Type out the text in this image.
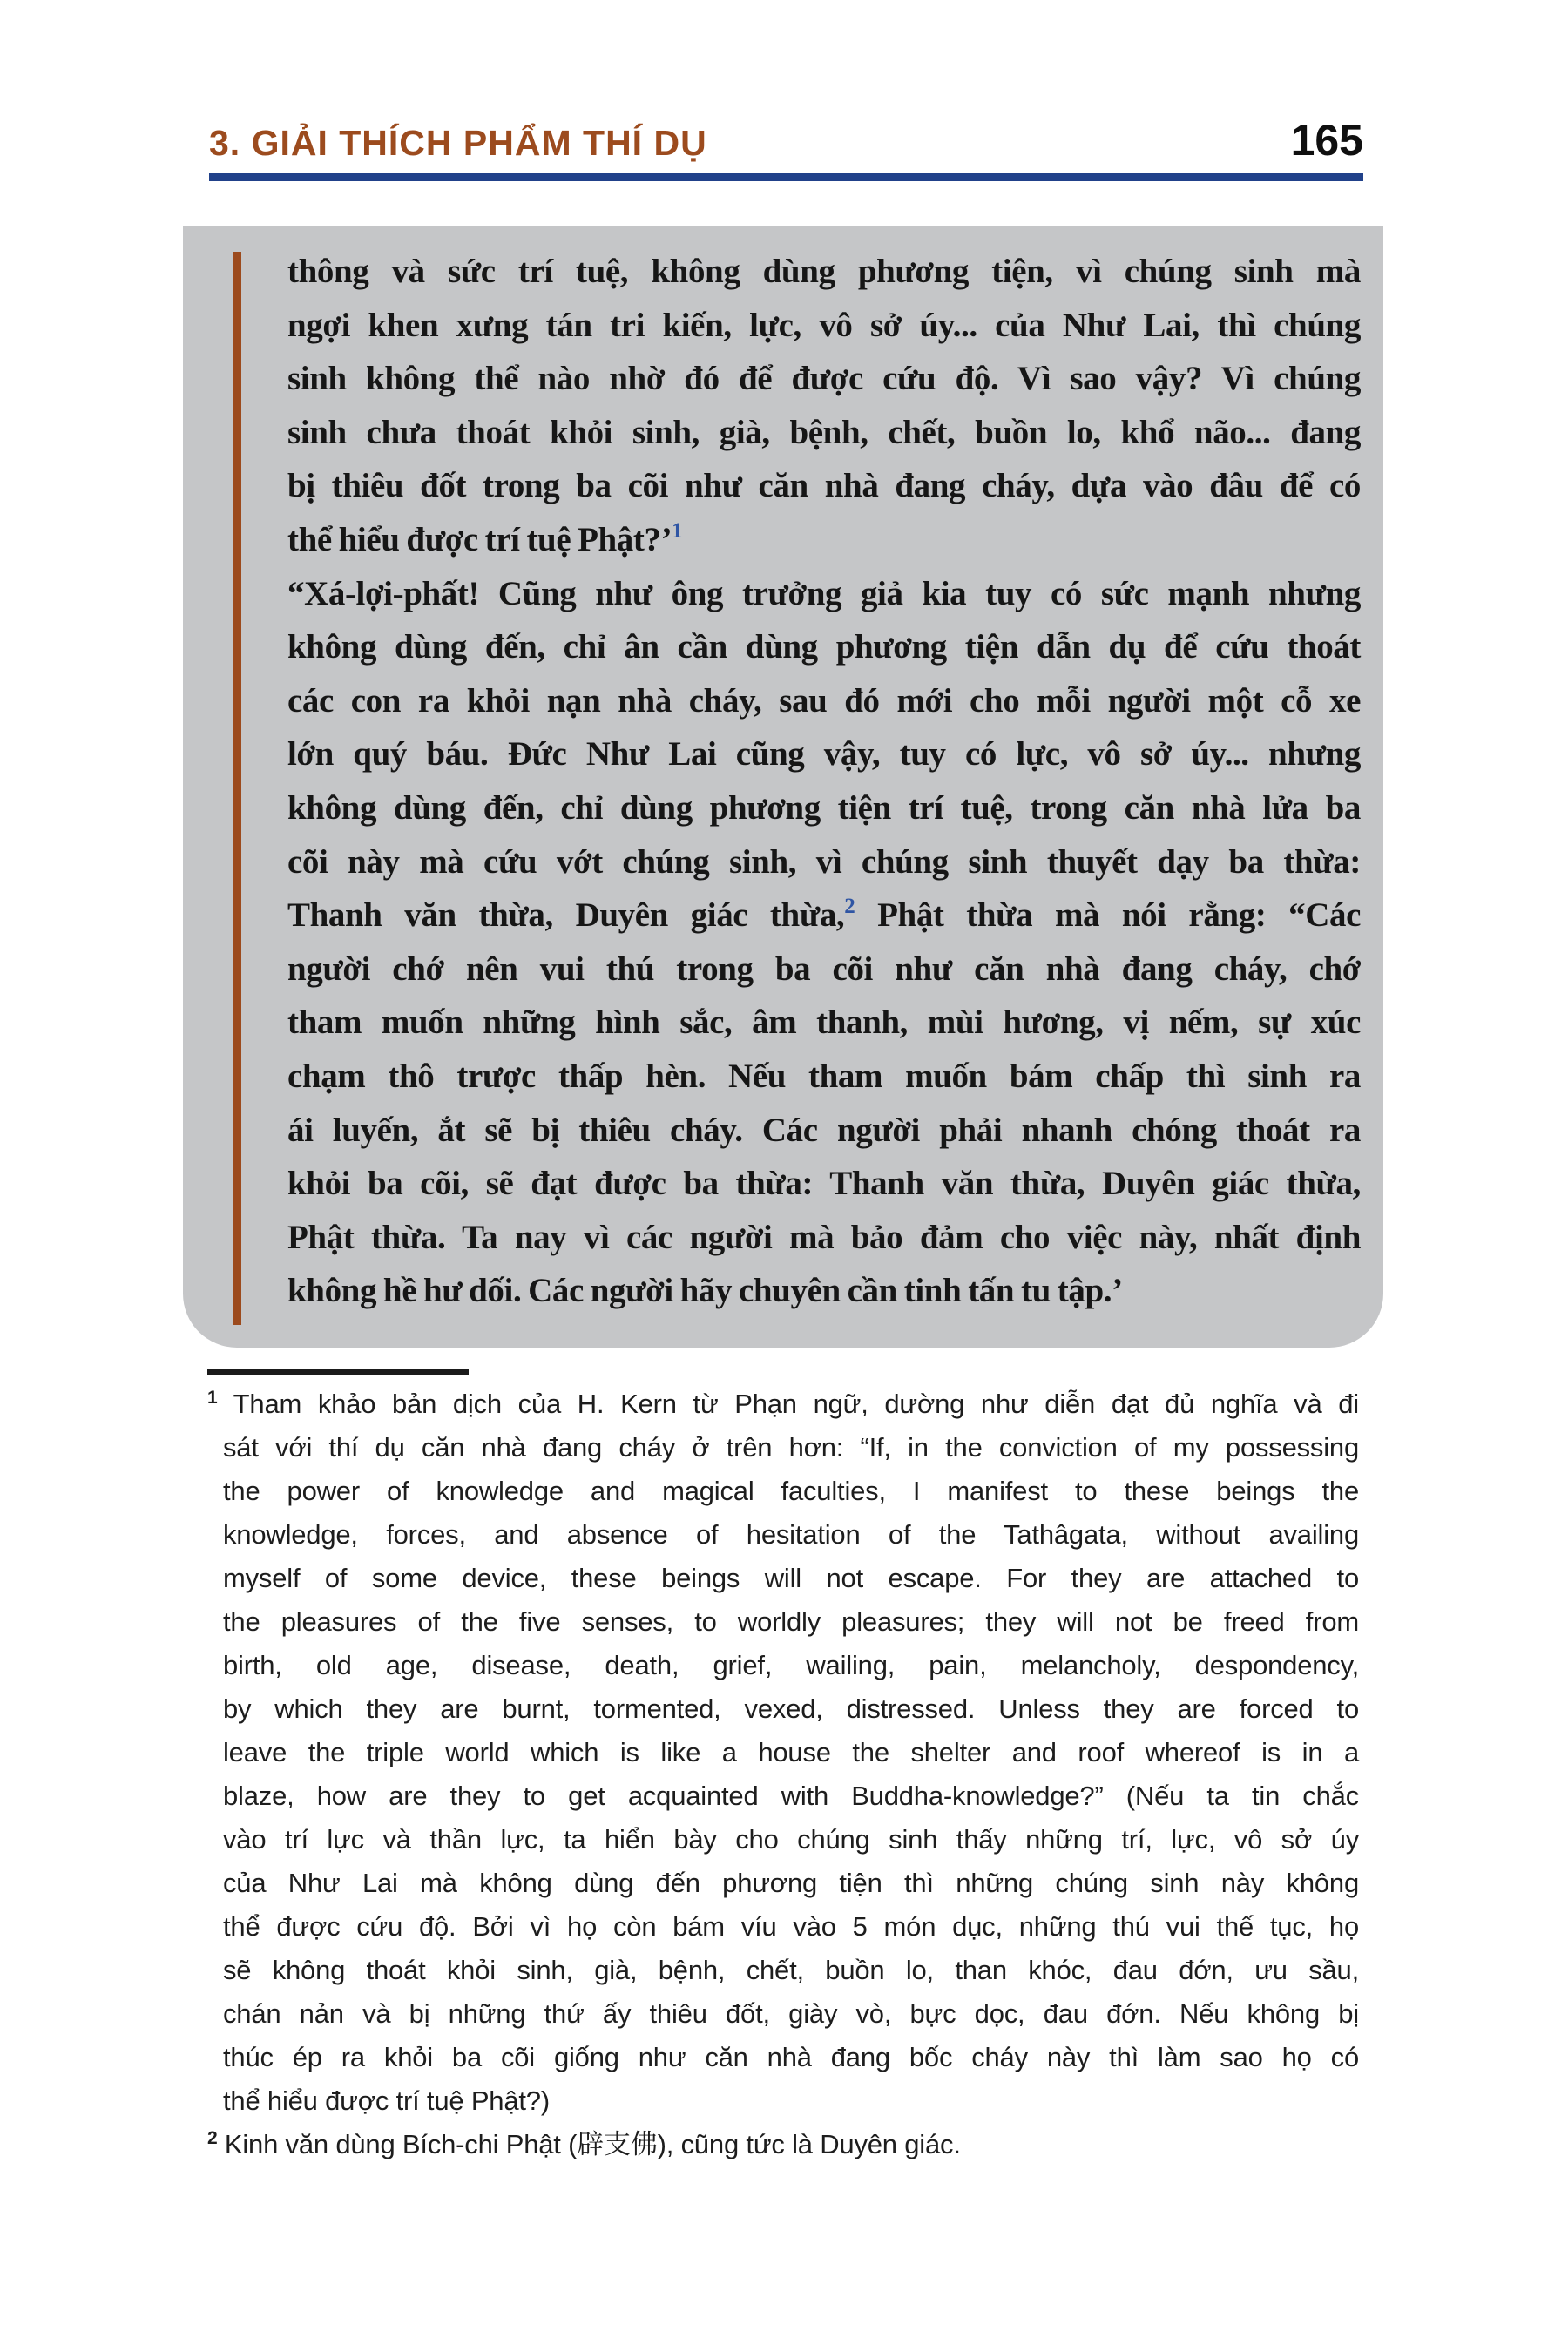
3. GIẢI THÍCH PHẨM THÍ DỤ	165
thông và sức trí tuệ, không dùng phương tiện, vì chúng sinh mà
ngợi khen xưng tán tri kiến, lực, vô sở úy... của Như Lai, thì chúng
sinh không thể nào nhờ đó để được cứu độ. Vì sao vậy? Vì chúng
sinh chưa thoát khỏi sinh, già, bệnh, chết, buồn lo, khổ não... đang
bị thiêu đốt trong ba cõi như căn nhà đang cháy, dựa vào đâu để có
thể hiểu được trí tuệ Phật?’$^1$
“Xá-lợi-phất! Cũng như ông trưởng giả kia tuy có sức mạnh nhưng
không dùng đến, chỉ ân cần dùng phương tiện dẫn dụ để cứu thoát
các con ra khỏi nạn nhà cháy, sau đó mới cho mỗi người một cỗ xe
lớn quý báu. Đức Như Lai cũng vậy, tuy có lực, vô sở úy... nhưng
không dùng đến, chỉ dùng phương tiện trí tuệ, trong căn nhà lửa ba
cõi này mà cứu vớt chúng sinh, vì chúng sinh thuyết dạy ba thừa:
Thanh văn thừa, Duyên giác thừa,$^2$ Phật thừa mà nói rằng: “Các
người chớ nên vui thú trong ba cõi như căn nhà đang cháy, chớ
tham muốn những hình sắc, âm thanh, mùi hương, vị nếm, sự xúc
chạm thô trược thấp hèn. Nếu tham muốn bám chấp thì sinh ra
ái luyến, ắt sẽ bị thiêu cháy. Các người phải nhanh chóng thoát ra
khỏi ba cõi, sẽ đạt được ba thừa: Thanh văn thừa, Duyên giác thừa,
Phật thừa. Ta nay vì các người mà bảo đảm cho việc này, nhất định
không hề hư dối. Các người hãy chuyên cần tinh tấn tu tập.’
$^1$ Tham khảo bản dịch của H. Kern từ Phạn ngữ, dường như diễn đạt đủ nghĩa và đi
sát với thí dụ căn nhà đang cháy ở trên hơn: “If, in the conviction of my possessing
the power of knowledge and magical faculties, I manifest to these beings the
knowledge, forces, and absence of hesitation of the Tathâgata, without availing
myself of some device, these beings will not escape. For they are attached to
the pleasures of the five senses, to worldly pleasures; they will not be freed from
birth, old age, disease, death, grief, wailing, pain, melancholy, despondency,
by which they are burnt, tormented, vexed, distressed. Unless they are forced to
leave the triple world which is like a house the shelter and roof whereof is in a
blaze, how are they to get acquainted with Buddha-knowledge?” (Nếu ta tin chắc
vào trí lực và thần lực, ta hiển bày cho chúng sinh thấy những trí, lực, vô sở úy
của Như Lai mà không dùng đến phương tiện thì những chúng sinh này không
thể được cứu độ. Bởi vì họ còn bám víu vào 5 món dục, những thú vui thế tục, họ
sẽ không thoát khỏi sinh, già, bệnh, chết, buồn lo, than khóc, đau đớn, ưu sầu,
chán nản và bị những thứ ấy thiêu đốt, giày vò, bực dọc, đau đớn. Nếu không bị
thúc ép ra khỏi ba cõi giống như căn nhà đang bốc cháy này thì làm sao họ có
thể hiểu được trí tuệ Phật?)
$^2$ Kinh văn dùng Bích-chi Phật (辟支佛), cũng tức là Duyên giác.
